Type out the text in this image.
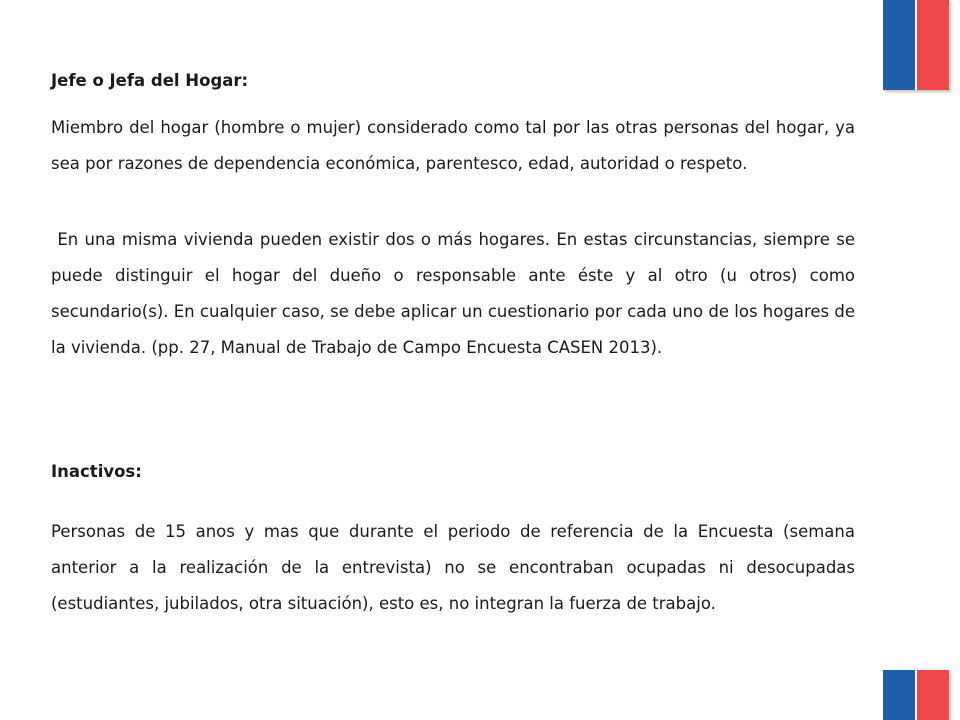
Jefe o Jefa del Hogar:

Miembro del hogar (hombre o mujer) considerado como tal por las otras personas del hogar, ya sea por razones de dependencia económica, parentesco, edad, autoridad o respeto.

En una misma vivienda pueden existir dos o más hogares. En estas circunstancias, siempre se puede distinguir el hogar del dueño o responsable ante éste y al otro (u otros) como secundario(s). En cualquier caso, se debe aplicar un cuestionario por cada uno de los hogares de la vivienda. (pp. 27, Manual de Trabajo de Campo Encuesta CASEN 2013).

Inactivos:

Personas de 15 anos y mas que durante el periodo de referencia de la Encuesta (semana anterior a la realización de la entrevista) no se encontraban ocupadas ni desocupadas (estudiantes, jubilados, otra situación), esto es, no integran la fuerza de trabajo.
